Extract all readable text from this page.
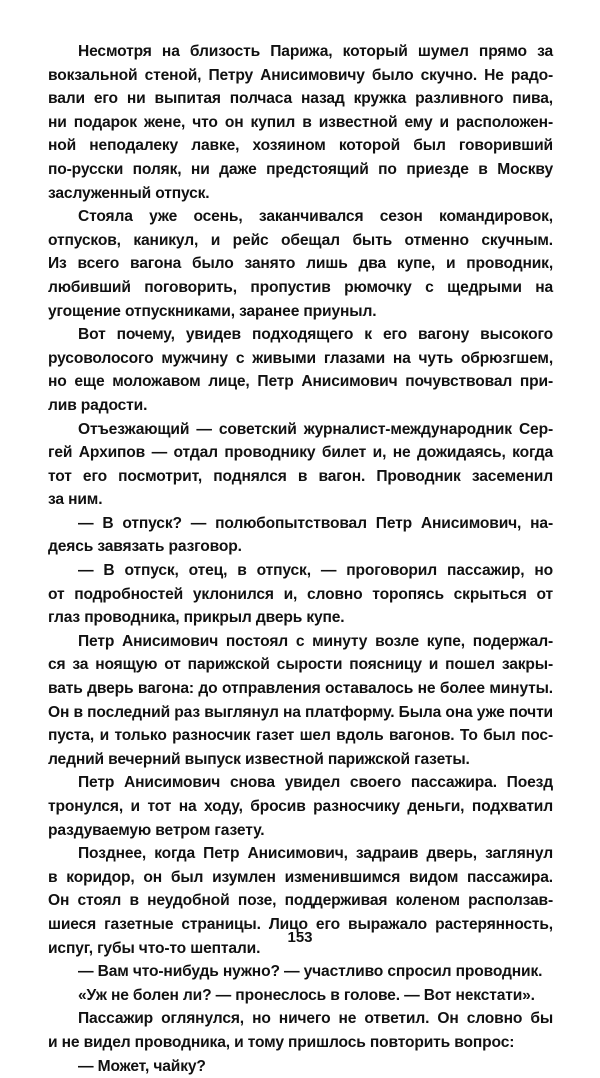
Несмотря на близость Парижа, который шумел прямо за
вокзальной стеной, Петру Анисимовичу было скучно. Не радо-
вали его ни выпитая полчаса назад кружка разливного пива,
ни подарок жене, что он купил в известной ему и расположен-
ной неподалеку лавке, хозяином которой был говоривший
по-русски поляк, ни даже предстоящий по приезде в Москву
заслуженный отпуск.
Стояла уже осень, заканчивался сезон командировок,
отпусков, каникул, и рейс обещал быть отменно скучным.
Из всего вагона было занято лишь два купе, и проводник,
любивший поговорить, пропустив рюмочку с щедрыми на
угощение отпускниками, заранее приуныл.
Вот почему, увидев подходящего к его вагону высокого
русоволосого мужчину с живыми глазами на чуть обрюзгшем,
но еще моложавом лице, Петр Анисимович почувствовал при-
лив радости.
Отъезжающий — советский журналист-международник Сер-
гей Архипов — отдал проводнику билет и, не дожидаясь, когда
тот его посмотрит, поднялся в вагон. Проводник засеменил
за ним.
— В отпуск? — полюбопытствовал Петр Анисимович, на-
деясь завязать разговор.
— В отпуск, отец, в отпуск, — проговорил пассажир, но
от подробностей уклонился и, словно торопясь скрыться от
глаз проводника, прикрыл дверь купе.
Петр Анисимович постоял с минуту возле купе, подержал-
ся за ноящую от парижской сырости поясницу и пошел закры-
вать дверь вагона: до отправления оставалось не более минуты.
Он в последний раз выглянул на платформу. Была она уже почти
пуста, и только разносчик газет шел вдоль вагонов. То был пос-
ледний вечерний выпуск известной парижской газеты.
Петр Анисимович снова увидел своего пассажира. Поезд
тронулся, и тот на ходу, бросив разносчику деньги, подхватил
раздуваемую ветром газету.
Позднее, когда Петр Анисимович, задраив дверь, заглянул
в коридор, он был изумлен изменившимся видом пассажира.
Он стоял в неудобной позе, поддерживая коленом расползав-
шиеся газетные страницы. Лицо его выражало растерянность,
испуг, губы что-то шептали.
— Вам что-нибудь нужно? — участливо спросил проводник.
«Уж не болен ли? — пронеслось в голове. — Вот некстати».
Пассажир оглянулся, но ничего не ответил. Он словно бы
и не видел проводника, и тому пришлось повторить вопрос:
— Может, чайку?
153
